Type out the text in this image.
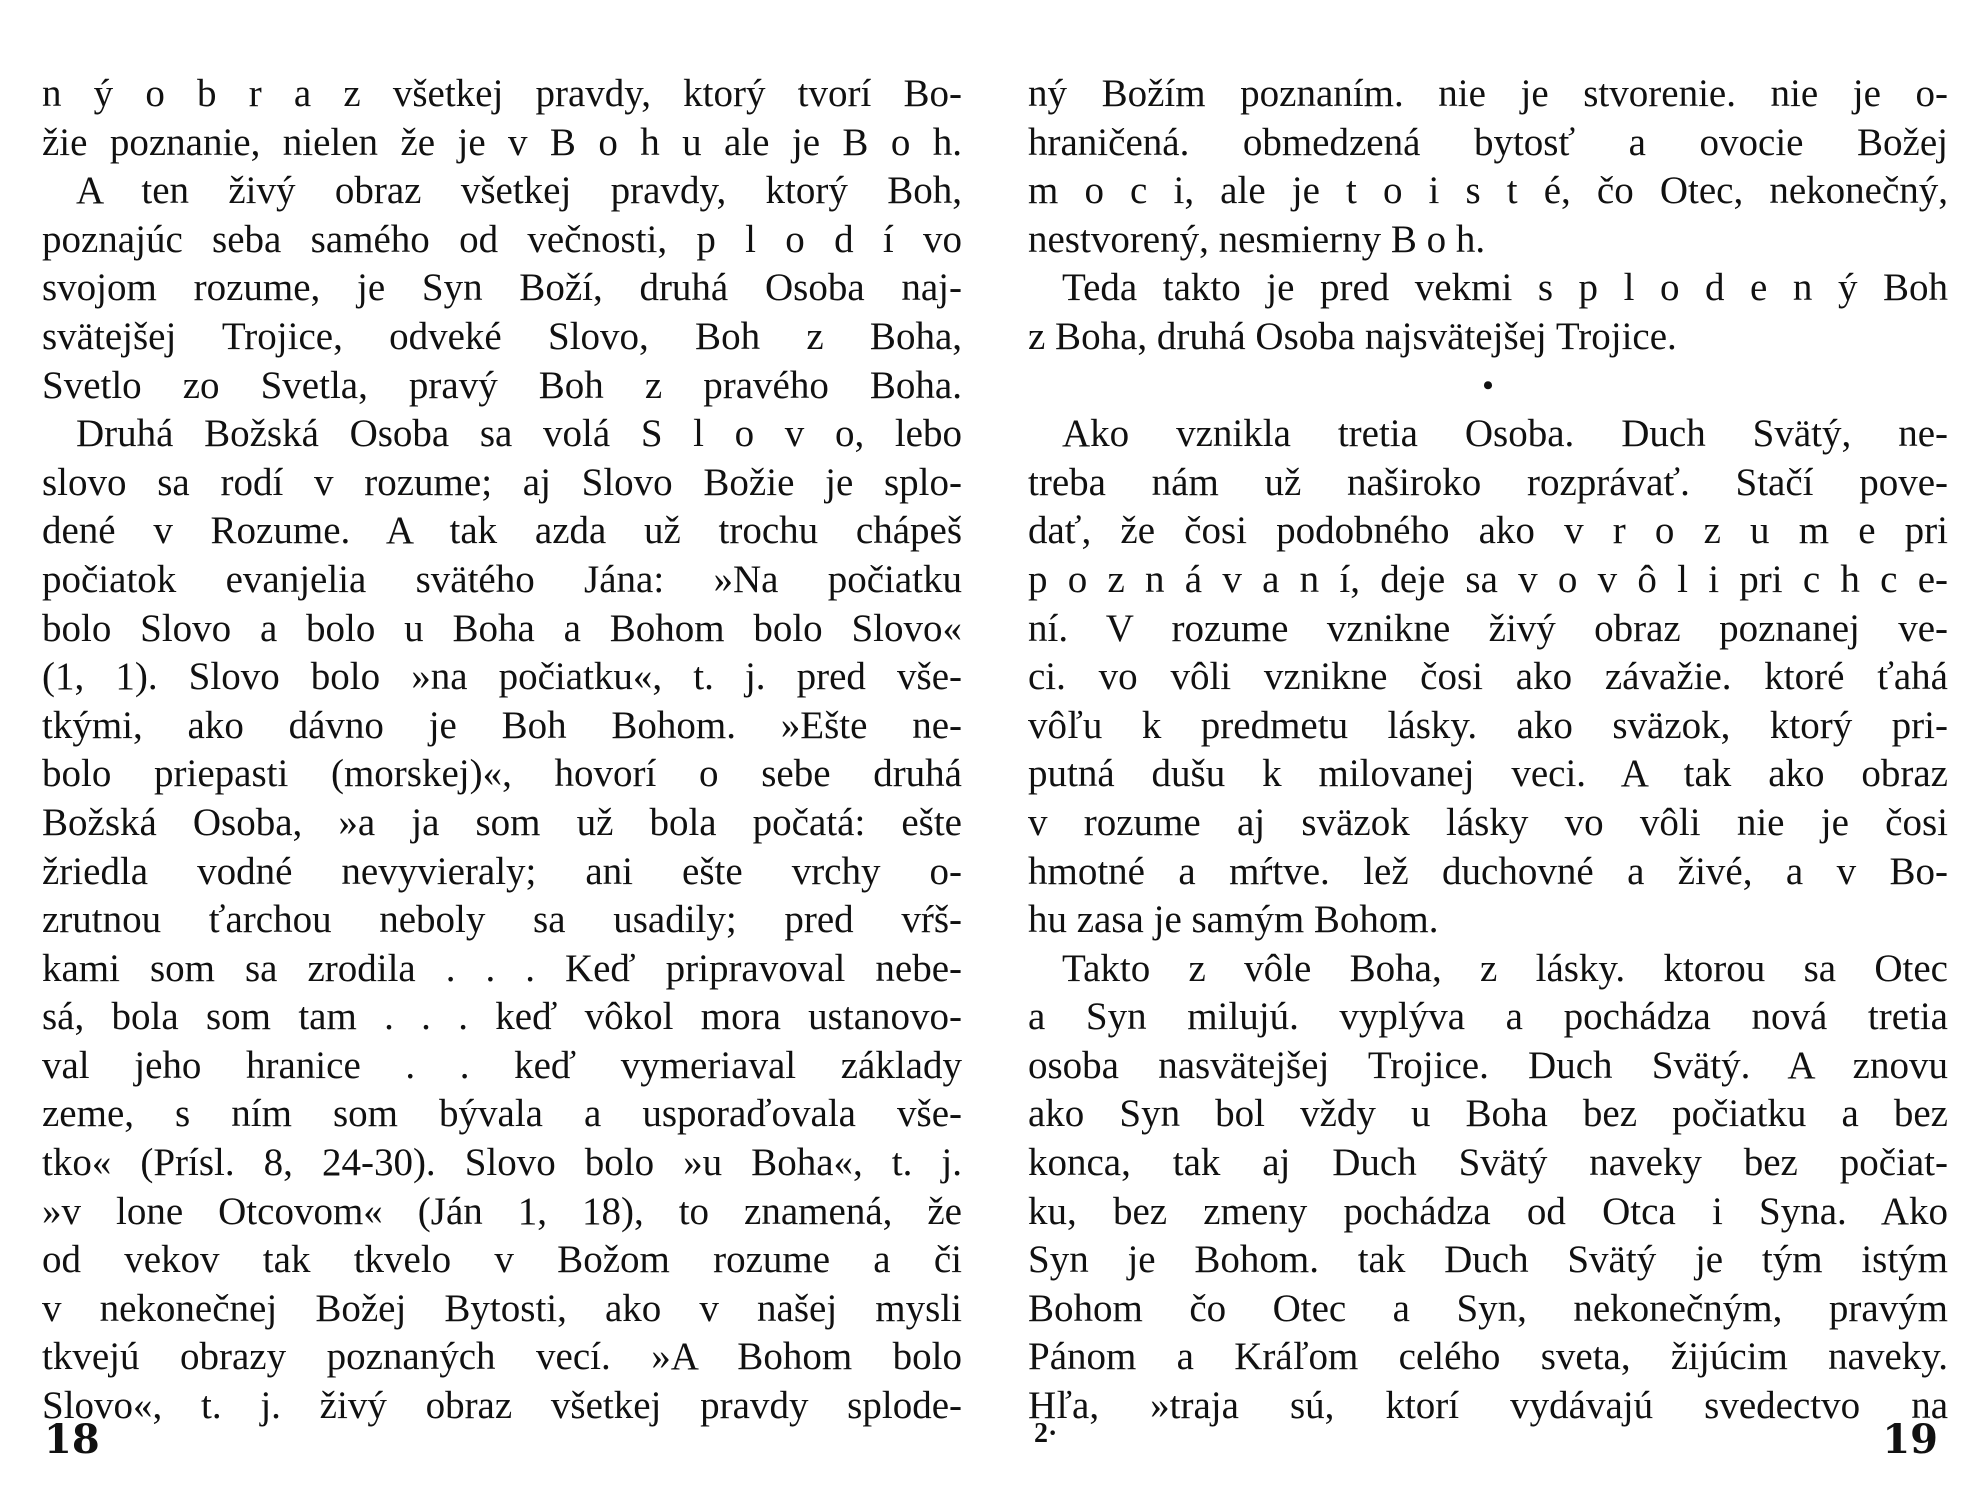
n ý o b r a z všetkej pravdy, ktorý tvorí Bo-
žie poznanie, nielen že je v B o h u ale je B o h.
A ten živý obraz všetkej pravdy, ktorý Boh,
poznajúc seba samého od večnosti, p l o d í vo
svojom rozume, je Syn Boží, druhá Osoba naj-
svätejšej Trojice, odveké Slovo, Boh z Boha,
Svetlo zo Svetla, pravý Boh z pravého Boha.
Druhá Božská Osoba sa volá S l o v o, lebo
slovo sa rodí v rozume; aj Slovo Božie je splo-
dené v Rozume. A tak azda už trochu chápeš
počiatok evanjelia svätého Jána: »Na počiatku
bolo Slovo a bolo u Boha a Bohom bolo Slovo«
(1, 1). Slovo bolo »na počiatku«, t. j. pred vše-
tkými, ako dávno je Boh Bohom. »Ešte ne-
bolo priepasti (morskej)«, hovorí o sebe druhá
Božská Osoba, »a ja som už bola počatá: ešte
žriedla vodné nevyvieraly; ani ešte vrchy o-
zrutnou ťarchou neboly sa usadily; pred vŕš-
kami som sa zrodila . . . Keď pripravoval nebe-
sá, bola som tam . . . keď vôkol mora ustanovo-
val jeho hranice . . keď vymeriaval základy
zeme, s ním som bývala a usporaďovala vše-
tko« (Prísl. 8, 24-30). Slovo bolo »u Boha«, t. j.
»v lone Otcovom« (Ján 1, 18), to znamená, že
od vekov tak tkvelo v Božom rozume a či
v nekonečnej Božej Bytosti, ako v našej mysli
tkvejú obrazy poznaných vecí. »A Bohom bolo
Slovo«, t. j. živý obraz všetkej pravdy splode-
18
ný Božím poznaním. nie je stvorenie. nie je o-
hraničená. obmedzená bytosť a ovocie Božej
m o c i, ale je t o i s t é, čo Otec, nekonečný,
nestvorený, nesmierny B o h.
Teda takto je pred vekmi s p l o d e n ý Boh
z Boha, druhá Osoba najsvätejšej Trojice.
•
Ako vznikla tretia Osoba. Duch Svätý, ne-
treba nám už naširoko rozprávať. Stačí pove-
dať, že čosi podobného ako v r o z u m e pri
p o z n á v a n í, deje sa v o v ô l i pri c h c e-
ní. V rozume vznikne živý obraz poznanej ve-
ci. vo vôli vznikne čosi ako závažie. ktoré ťahá
vôľu k predmetu lásky. ako sväzok, ktorý pri-
putná dušu k milovanej veci. A tak ako obraz
v rozume aj sväzok lásky vo vôli nie je čosi
hmotné a mŕtve. lež duchovné a živé, a v Bo-
hu zasa je samým Bohom.
Takto z vôle Boha, z lásky. ktorou sa Otec
a Syn milujú. vyplýva a pochádza nová tretia
osoba nasvätejšej Trojice. Duch Svätý. A znovu
ako Syn bol vždy u Boha bez počiatku a bez
konca, tak aj Duch Svätý naveky bez počiat-
ku, bez zmeny pochádza od Otca i Syna. Ako
Syn je Bohom. tak Duch Svätý je tým istým
Bohom čo Otec a Syn, nekonečným, pravým
Pánom a Kráľom celého sveta, žijúcim naveky.
Hľa, »traja sú, ktorí vydávajú svedectvo na
2·	19
